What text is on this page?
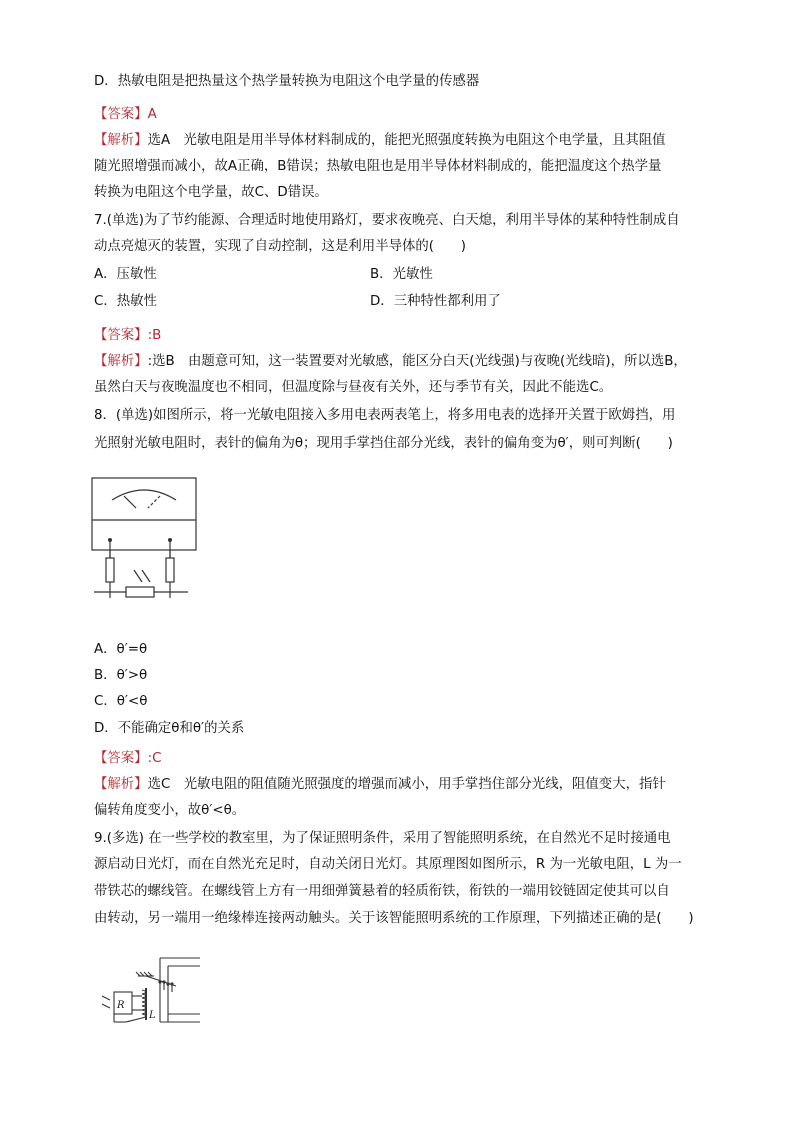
D．热敏电阻是把热量这个热学量转换为电阻这个电学量的传感器
【答案】A
【解析】选A　光敏电阻是用半导体材料制成的，能把光照强度转换为电阻这个电学量，且其阻值
随光照增强而减小，故A正确，B错误；热敏电阻也是用半导体材料制成的，能把温度这个热学量
转换为电阻这个电学量，故C、D错误。
7.(单选)为了节约能源、合理适时地使用路灯，要求夜晚亮、白天熄，利用半导体的某种特性制成自
动点亮熄灭的装置，实现了自动控制，这是利用半导体的(　　)
A．压敏性	B．光敏性
C．热敏性	D．三种特性都利用了
【答案】:B
【解析】:选B　由题意可知，这一装置要对光敏感，能区分白天(光线强)与夜晚(光线暗)，所以选B，
虽然白天与夜晚温度也不相同，但温度除与昼夜有关外，还与季节有关，因此不能选C。
8．(单选)如图所示，将一光敏电阻接入多用电表两表笔上，将多用电表的选择开关置于欧姆挡，用
光照射光敏电阻时，表针的偏角为θ；现用手掌挡住部分光线，表针的偏角变为θ′，则可判断(　　)
A．θ′=θ
B．θ′>θ
C．θ′<θ
D．不能确定θ和θ′的关系
【答案】:C
【解析】选C　光敏电阻的阻值随光照强度的增强而减小，用手掌挡住部分光线，阻值变大，指针
偏转角度变小，故θ′<θ。
9.(多选) 在一些学校的教室里，为了保证照明条件，采用了智能照明系统，在自然光不足时接通电
源启动日光灯，而在自然光充足时，自动关闭日光灯。其原理图如图所示，R 为一光敏电阻，L 为一
带铁芯的螺线管。在螺线管上方有一用细弹簧悬着的轻质衔铁，衔铁的一端用铰链固定使其可以自
由转动，另一端用一绝缘棒连接两动触头。关于该智能照明系统的工作原理，下列描述正确的是(　　)
R
L
